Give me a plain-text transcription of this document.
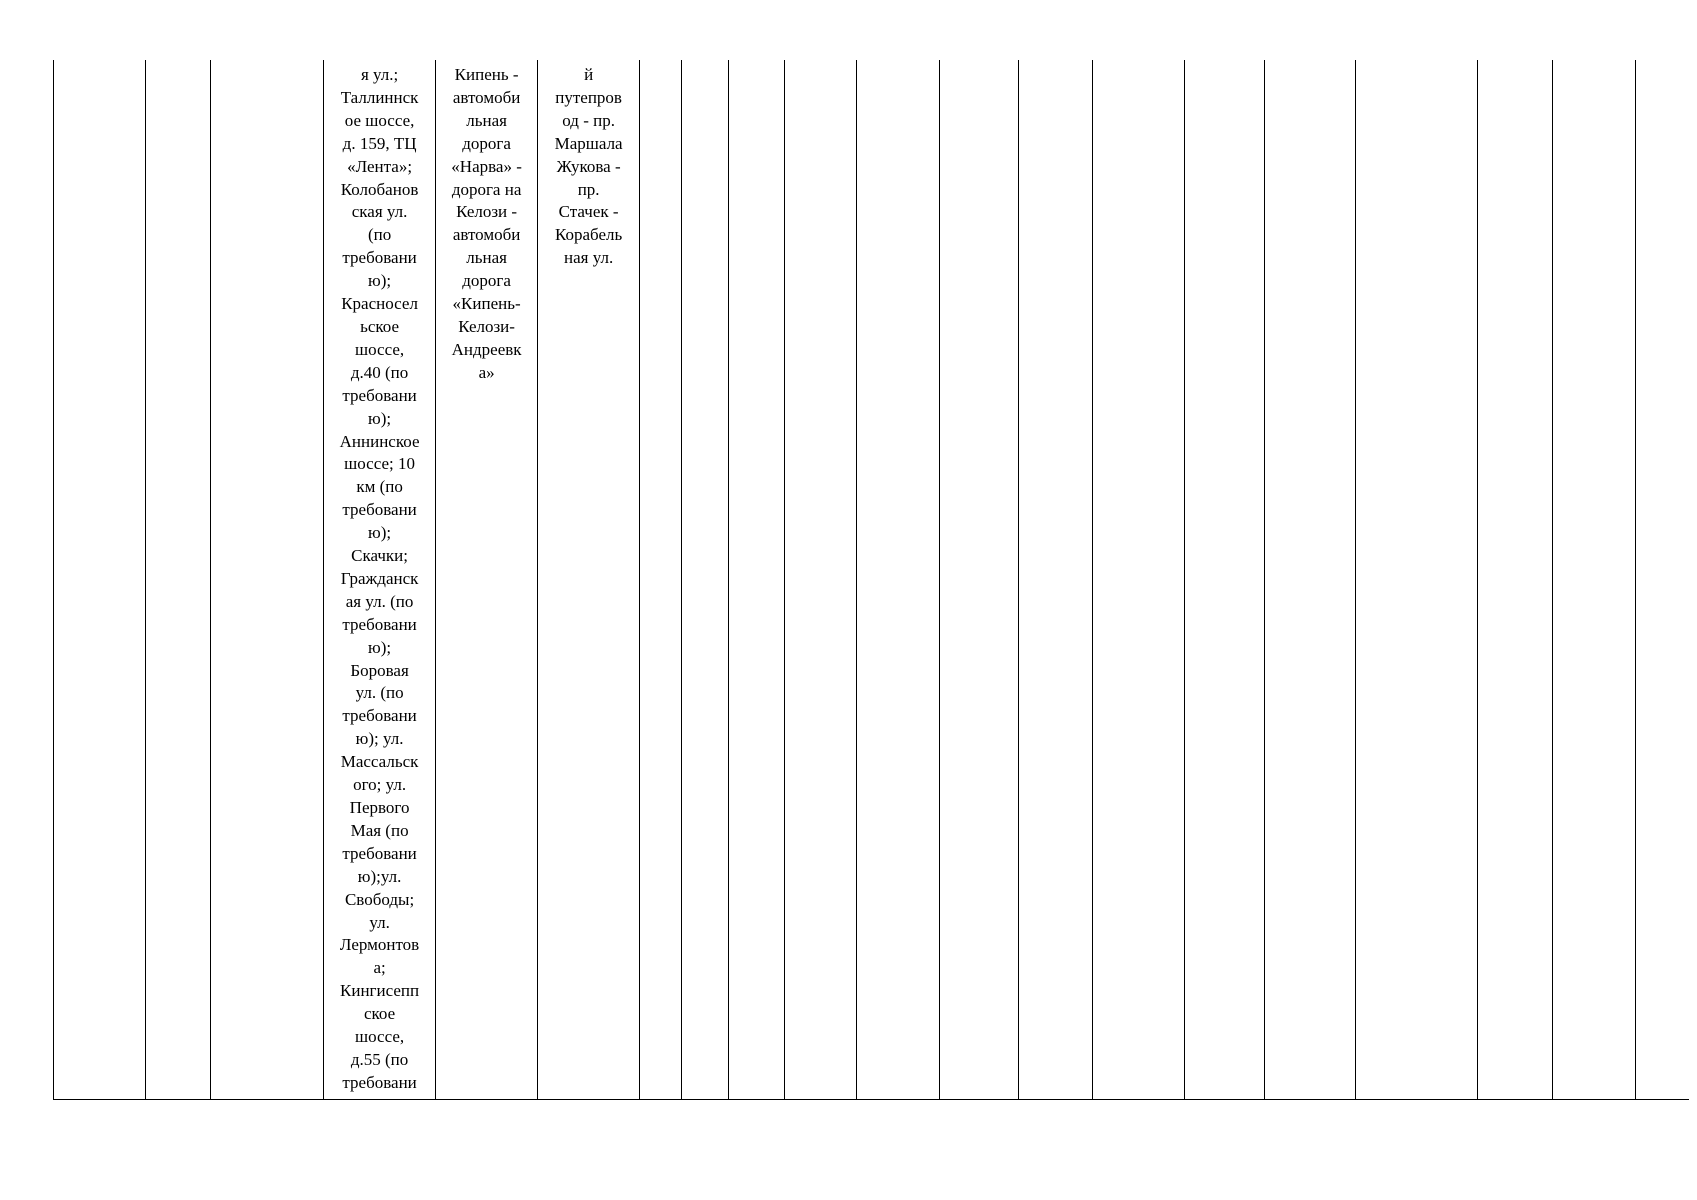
			я ул.;
Таллиннск
ое шоссе,
д. 159, ТЦ
«Лента»;
Колобанов
ская ул.
(по
требовани
ю);
Красносел
ьское
шоссе,
д.40 (по
требовани
ю);
Аннинское
шоссе; 10
км (по
требовани
ю);
Скачки;
Гражданск
ая ул. (по
требовани
ю);
Боровая
ул. (по
требовани
ю); ул.
Массальск
ого; ул.
Первого
Мая (по
требовани
ю);ул.
Свободы;
ул.
Лермонтов
а;
Кингисепп
ское
шоссе,
д.55 (по
требовани	Кипень -
автомоби
льная
дорога
«Нарва» -
дорога на
Келози -
автомоби
льная
дорога
«Кипень-
Келози-
Андреевк
а»	й
путепров
од - пр.
Маршала
Жукова -
пр.
Стачек -
Корабель
ная ул.														
